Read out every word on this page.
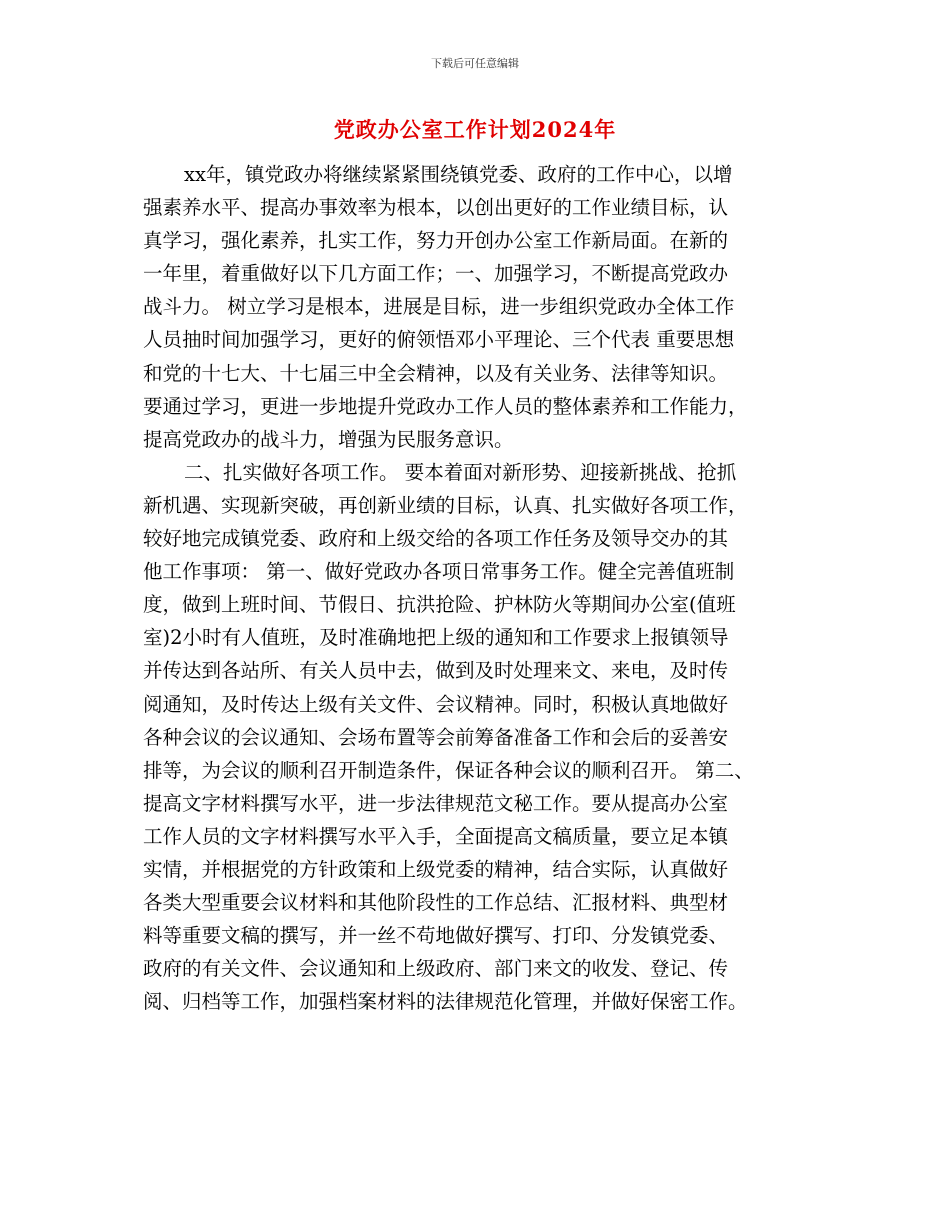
下载后可任意编辑
党政办公室工作计划2024年
xx年，镇党政办将继续紧紧围绕镇党委、政府的工作中心，以增
强素养水平、提高办事效率为根本，以创出更好的工作业绩目标，认
真学习，强化素养，扎实工作，努力开创办公室工作新局面。在新的
一年里，着重做好以下几方面工作；一、加强学习，不断提高党政办
战斗力。 树立学习是根本，进展是目标，进一步组织党政办全体工作
人员抽时间加强学习，更好的俯领悟邓小平理论、三个代表 重要思想
和党的十七大、十七届三中全会精神，以及有关业务、法律等知识。
要通过学习，更进一步地提升党政办工作人员的整体素养和工作能力，
提高党政办的战斗力，增强为民服务意识。
二、扎实做好各项工作。 要本着面对新形势、迎接新挑战、抢抓
新机遇、实现新突破，再创新业绩的目标，认真、扎实做好各项工作，
较好地完成镇党委、政府和上级交给的各项工作任务及领导交办的其
他工作事项： 第一、做好党政办各项日常事务工作。健全完善值班制
度，做到上班时间、节假日、抗洪抢险、护林防火等期间办公室(值班
室)2小时有人值班，及时准确地把上级的通知和工作要求上报镇领导
并传达到各站所、有关人员中去，做到及时处理来文、来电，及时传
阅通知，及时传达上级有关文件、会议精神。同时，积极认真地做好
各种会议的会议通知、会场布置等会前筹备准备工作和会后的妥善安
排等，为会议的顺利召开制造条件，保证各种会议的顺利召开。 第二、
提高文字材料撰写水平，进一步法律规范文秘工作。要从提高办公室
工作人员的文字材料撰写水平入手，全面提高文稿质量，要立足本镇
实情，并根据党的方针政策和上级党委的精神，结合实际，认真做好
各类大型重要会议材料和其他阶段性的工作总结、汇报材料、典型材
料等重要文稿的撰写，并一丝不苟地做好撰写、打印、分发镇党委、
政府的有关文件、会议通知和上级政府、部门来文的收发、登记、传
阅、归档等工作，加强档案材料的法律规范化管理，并做好保密工作。
